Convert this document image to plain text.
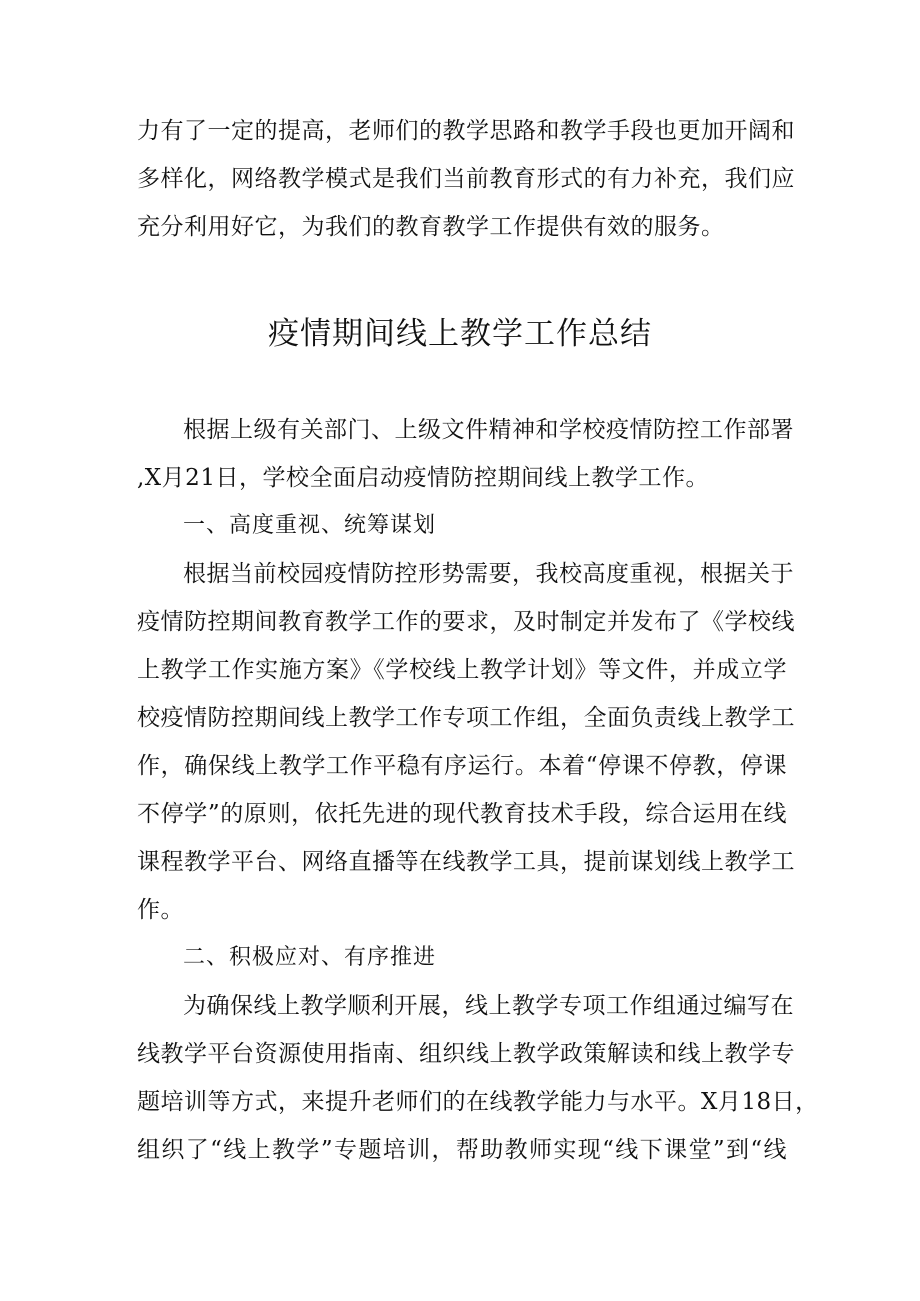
力有了一定的提高，老师们的教学思路和教学手段也更加开阔和
多样化，网络教学模式是我们当前教育形式的有力补充，我们应
充分利用好它，为我们的教育教学工作提供有效的服务。
疫情期间线上教学工作总结
根据上级有关部门、上级文件精神和学校疫情防控工作部署
,X月21日，学校全面启动疫情防控期间线上教学工作。
一、高度重视、统筹谋划
根据当前校园疫情防控形势需要，我校高度重视，根据关于
疫情防控期间教育教学工作的要求，及时制定并发布了《学校线
上教学工作实施方案》《学校线上教学计划》等文件，并成立学
校疫情防控期间线上教学工作专项工作组，全面负责线上教学工
作，确保线上教学工作平稳有序运行。本着“停课不停教，停课
不停学”的原则，依托先进的现代教育技术手段，综合运用在线
课程教学平台、网络直播等在线教学工具，提前谋划线上教学工
作。
二、积极应对、有序推进
为确保线上教学顺利开展，线上教学专项工作组通过编写在
线教学平台资源使用指南、组织线上教学政策解读和线上教学专
题培训等方式，来提升老师们的在线教学能力与水平。X月18日，
组织了“线上教学”专题培训，帮助教师实现“线下课堂”到“线
